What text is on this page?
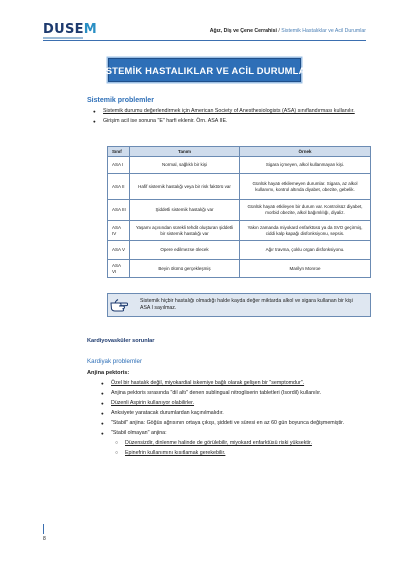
DUSEM	Ağız, Diş ve Çene Cerrahisi / Sistemik Hastalıklar ve Acil Durumlar
SİSTEMİK HASTALIKLAR VE ACİL DURUMLAR
Sistemik problemler
● Sistemik durumu değerlendirmek için American Society of Anesthesiologists (ASA) sınıflandırması kullanılır.
● Girişim acil ise sonuna "E" harfi eklenir. Örn. ASA IIE.
Sınıf	Tanım	Örnek
ASA I	Normal, sağlıklı bir kişi	Sigara içmeyen, alkol kullanmayan kişi.
ASA II	Hafif sistemik hastalığı veya bir risk faktörü var	Günlük hayatı etkilemeyen durumlar. Sigara, az alkol kullanımı, kontrol altında diyabet, obezite, gebelik.
ASA III	Şiddetli sistemik hastalığı var	Günlük hayatı etkileyen bir durum var. Kontrolsüz diyabet, morbid obezite, alkol bağımlılığı, diyaliz.
ASA IV	Yaşamı açısından sürekli tehdit oluşturan şiddetli bir sistemik hastalığı var	Yakın zamanda miyokard enfarktüsü ya da SVO geçirmiş, ciddi kalp kapağı disfonksiyonu, sepsis.
ASA V	Opere edilmezse ölecek	Ağır travma, çoklu organ disfonksiyonu.
ASA VI	Beyin ölümü gerçekleşmiş	Marilyn Monroe
Sistemik hiçbir hastalığı olmadığı halde kayda değer miktarda alkol ve sigara kullanan bir kişi ASA I sayılmaz.
Kardiyovasküler sorunlar
Kardiyak problemler
Anjina pektoris:
● Özel bir hastalık değil, miyokardial iskemiye bağlı olarak gelişen bir "semptomdur".
● Anjina pektoris sırasında "dil altı" denen sublingual nitrogliserin tabletleri (Isordil) kullanılır.
● Düzenli Aspirin kullanıyor olabilirler.
● Anksiyete yaratacak durumlardan kaçınılmalıdır.
● "Stabil" anjina: Göğüs ağrısının ortaya çıkışı, şiddeti ve süresi en az 60 gün boyunca değişmemiştir.
● "Stabil olmayan" anjina:
○ Düzensizdir, dinlenme halinde de görülebilir, miyokard enfarktüsü riski yüksektir.
○ Epinefrin kullanımını kısıtlamak gerekebilir.
8
